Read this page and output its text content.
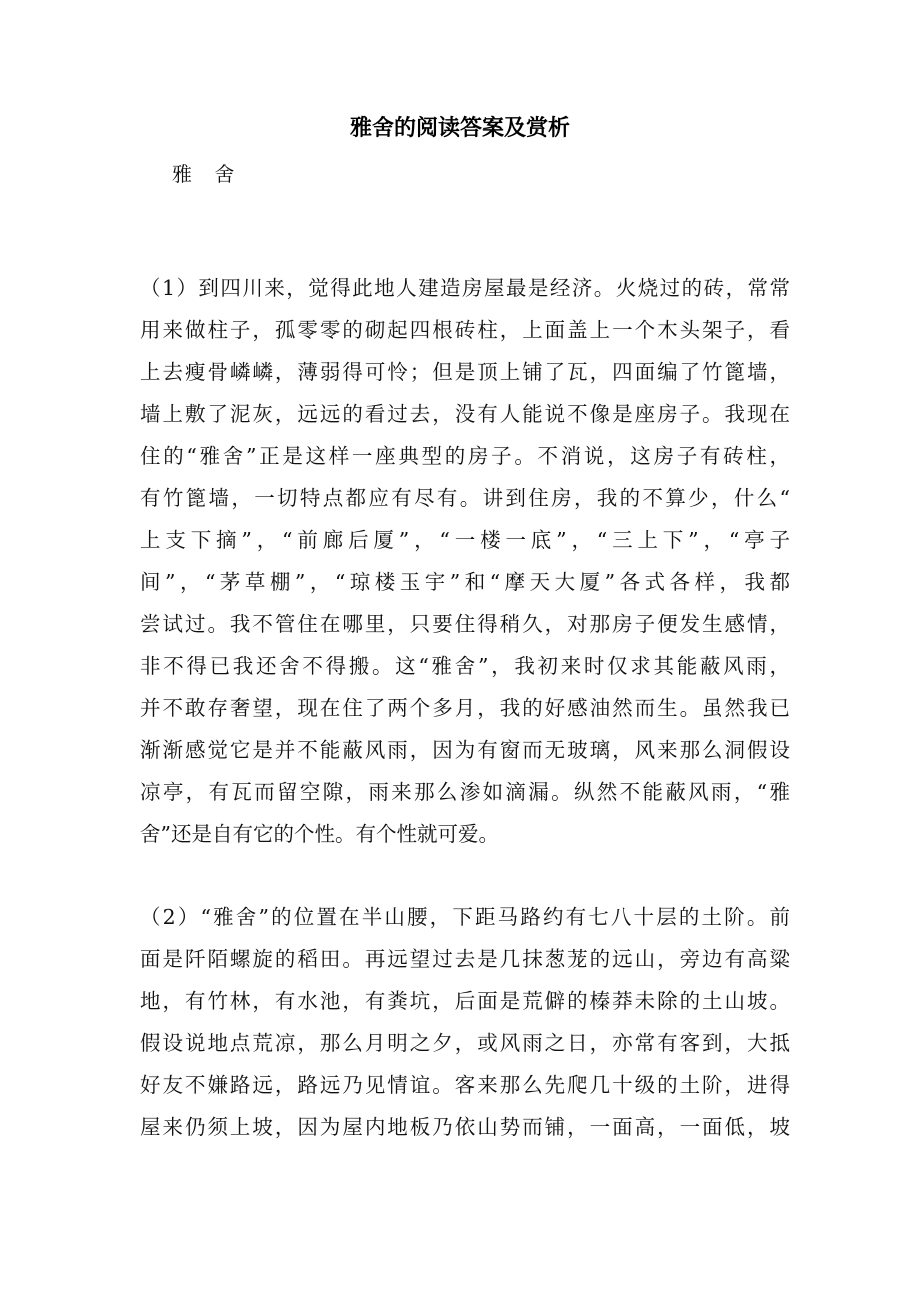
雅舍的阅读答案及赏析
雅 舍
（1）到四川来，觉得此地人建造房屋最是经济。火烧过的砖，常常
用来做柱子，孤零零的砌起四根砖柱，上面盖上一个木头架子，看
上去瘦骨嶙嶙，薄弱得可怜；但是顶上铺了瓦，四面编了竹篦墙，
墙上敷了泥灰，远远的看过去，没有人能说不像是座房子。我现在
住的“雅舍”正是这样一座典型的房子。不消说，这房子有砖柱，
有竹篦墙，一切特点都应有尽有。讲到住房，我的不算少，什么“
上支下摘”，“前廊后厦”，“一楼一底”，“三上下”，“亭子
间”，“茅草棚”，“琼楼玉宇”和“摩天大厦”各式各样，我都
尝试过。我不管住在哪里，只要住得稍久，对那房子便发生感情，
非不得已我还舍不得搬。这“雅舍”，我初来时仅求其能蔽风雨，
并不敢存奢望，现在住了两个多月，我的好感油然而生。虽然我已
渐渐感觉它是并不能蔽风雨，因为有窗而无玻璃，风来那么洞假设
凉亭，有瓦而留空隙，雨来那么渗如滴漏。纵然不能蔽风雨，“雅
舍”还是自有它的个性。有个性就可爱。
（2）“雅舍”的位置在半山腰，下距马路约有七八十层的土阶。前
面是阡陌螺旋的稻田。再远望过去是几抹葱茏的远山，旁边有高粱
地，有竹林，有水池，有粪坑，后面是荒僻的榛莽未除的土山坡。
假设说地点荒凉，那么月明之夕，或风雨之日，亦常有客到，大抵
好友不嫌路远，路远乃见情谊。客来那么先爬几十级的土阶，进得
屋来仍须上坡，因为屋内地板乃依山势而铺，一面高，一面低，坡
